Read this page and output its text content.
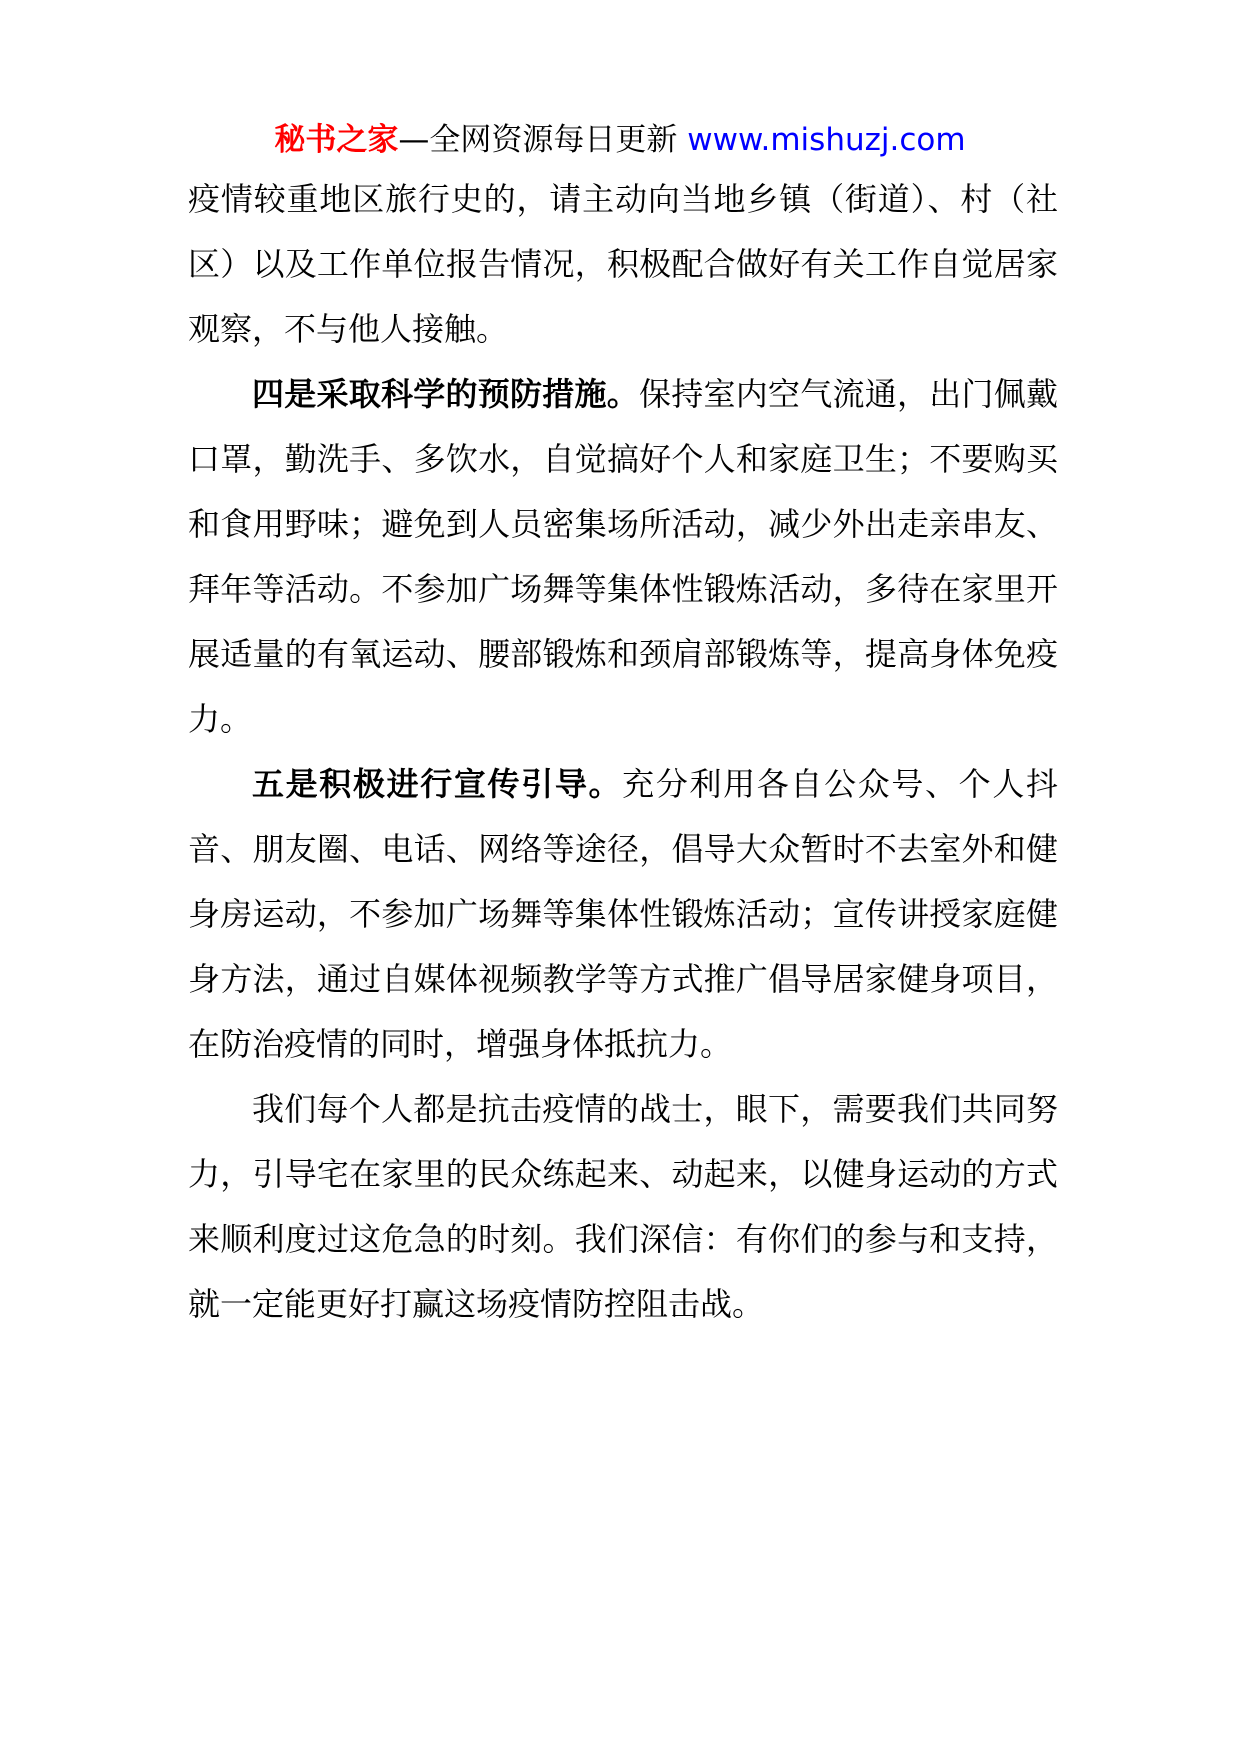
秘书之家—全网资源每日更新 www.mishuzj.com

疫情较重地区旅行史的，请主动向当地乡镇（街道）、村（社区）以及工作单位报告情况，积极配合做好有关工作自觉居家观察，不与他人接触。

四是采取科学的预防措施。保持室内空气流通，出门佩戴口罩，勤洗手、多饮水，自觉搞好个人和家庭卫生；不要购买和食用野味；避免到人员密集场所活动，减少外出走亲串友、拜年等活动。不参加广场舞等集体性锻炼活动，多待在家里开展适量的有氧运动、腰部锻炼和颈肩部锻炼等，提高身体免疫力。

五是积极进行宣传引导。充分利用各自公众号、个人抖音、朋友圈、电话、网络等途径，倡导大众暂时不去室外和健身房运动，不参加广场舞等集体性锻炼活动；宣传讲授家庭健身方法，通过自媒体视频教学等方式推广倡导居家健身项目，在防治疫情的同时，增强身体抵抗力。

我们每个人都是抗击疫情的战士，眼下，需要我们共同努力，引导宅在家里的民众练起来、动起来，以健身运动的方式来顺利度过这危急的时刻。我们深信：有你们的参与和支持，就一定能更好打赢这场疫情防控阻击战。
